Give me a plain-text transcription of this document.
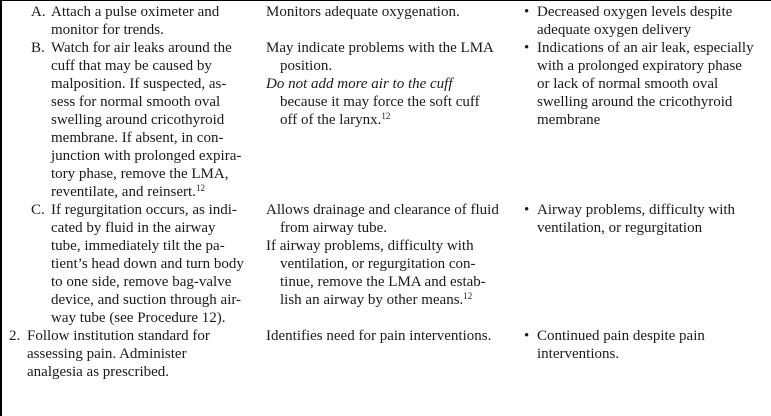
A. Attach a pulse oximeter and
monitor for trends.
Monitors adequate oxygenation.	• Decreased oxygen levels despite
adequate oxygen delivery
B. Watch for air leaks around the
cuff that may be caused by
malposition. If suspected, as-
sess for normal smooth oval
swelling around cricothyroid
membrane. If absent, in con-
junction with prolonged expira-
tory phase, remove the LMA,
reventilate, and reinsert.$^{12}$
May indicate problems with the LMA
position.
Do not add more air to the cuff
because it may force the soft cuff
off of the larynx.$^{12}$
• Indications of an air leak, especially
with a prolonged expiratory phase
or lack of normal smooth oval
swelling around the cricothyroid
membrane
C. If regurgitation occurs, as indi-
cated by fluid in the airway
tube, immediately tilt the pa-
tient’s head down and turn body
to one side, remove bag-valve
device, and suction through air-
way tube (see Procedure 12).
Allows drainage and clearance of fluid
from airway tube.
If airway problems, difficulty with
ventilation, or regurgitation con-
tinue, remove the LMA and estab-
lish an airway by other means.$^{12}$
• Airway problems, difficulty with
ventilation, or regurgitation
2. Follow institution standard for
assessing pain. Administer
analgesia as prescribed.
Identifies need for pain interventions. • Continued pain despite pain
interventions.
